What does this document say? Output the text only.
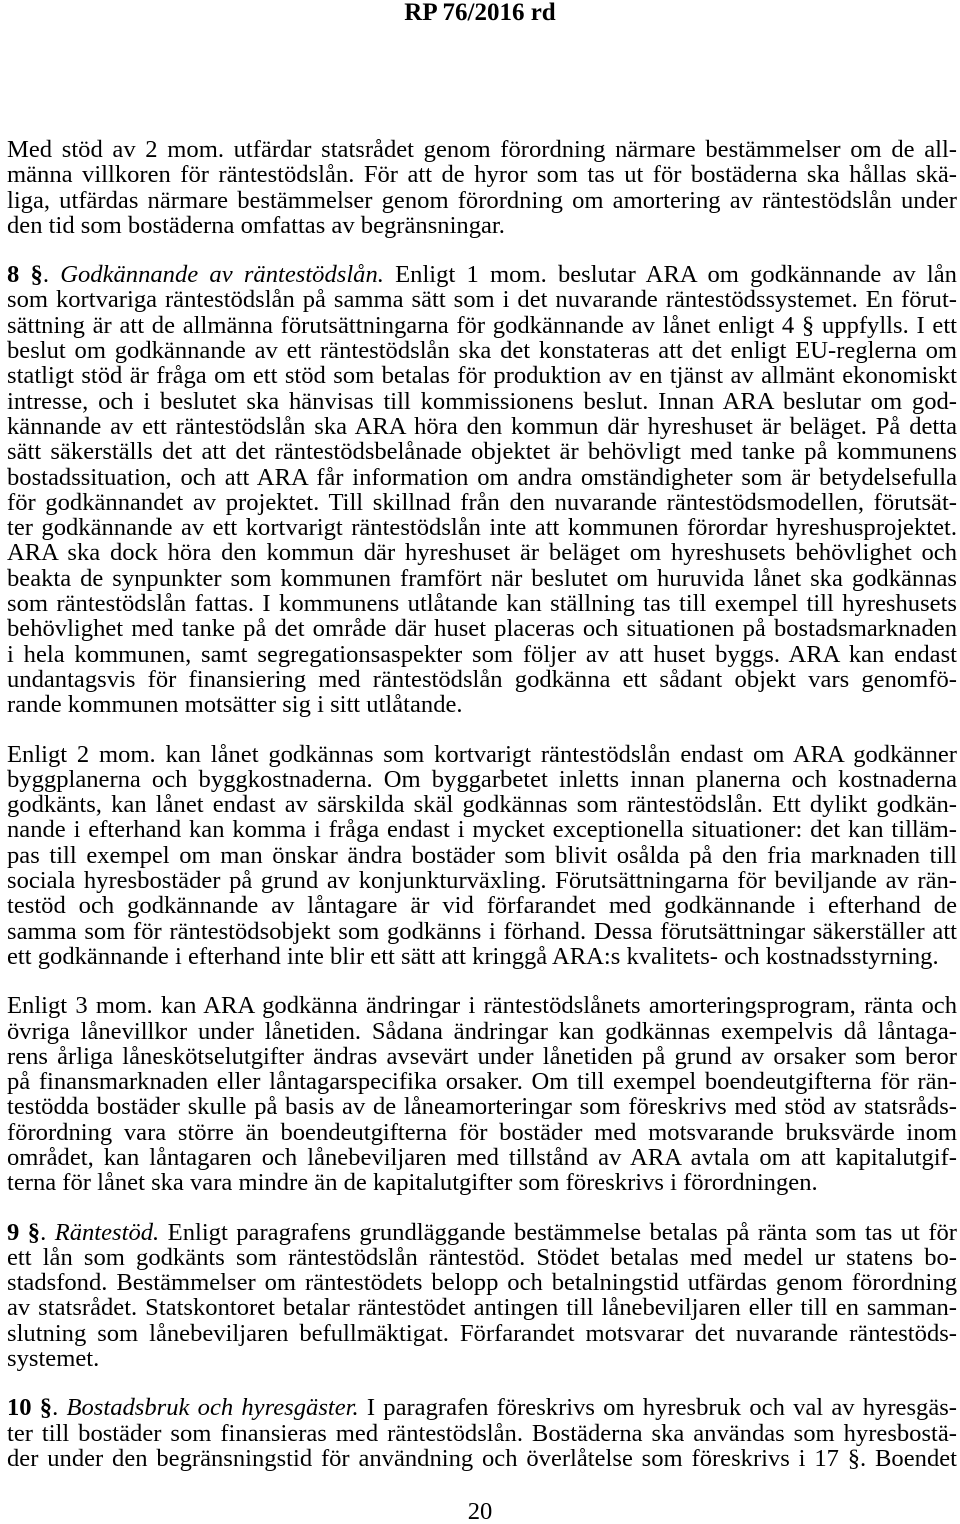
RP 76/2016 rd
Med stöd av 2 mom. utfärdar statsrådet genom förordning närmare bestämmelser om de all-
männa villkoren för räntestödslån. För att de hyror som tas ut för bostäderna ska hållas skä-
liga, utfärdas närmare bestämmelser genom förordning om amortering av räntestödslån under
den tid som bostäderna omfattas av begränsningar.
8 §. Godkännande av räntestödslån. Enligt 1 mom. beslutar ARA om godkännande av lån
som kortvariga räntestödslån på samma sätt som i det nuvarande räntestödssystemet. En förut-
sättning är att de allmänna förutsättningarna för godkännande av lånet enligt 4 § uppfylls. I ett
beslut om godkännande av ett räntestödslån ska det konstateras att det enligt EU-reglerna om
statligt stöd är fråga om ett stöd som betalas för produktion av en tjänst av allmänt ekonomiskt
intresse, och i beslutet ska hänvisas till kommissionens beslut. Innan ARA beslutar om god-
kännande av ett räntestödslån ska ARA höra den kommun där hyreshuset är beläget. På detta
sätt säkerställs det att det räntestödsbelånade objektet är behövligt med tanke på kommunens
bostadssituation, och att ARA får information om andra omständigheter som är betydelsefulla
för godkännandet av projektet. Till skillnad från den nuvarande räntestödsmodellen, förutsät-
ter godkännande av ett kortvarigt räntestödslån inte att kommunen förordar hyreshusprojektet.
ARA ska dock höra den kommun där hyreshuset är beläget om hyreshusets behövlighet och
beakta de synpunkter som kommunen framfört när beslutet om huruvida lånet ska godkännas
som räntestödslån fattas. I kommunens utlåtande kan ställning tas till exempel till hyreshusets
behövlighet med tanke på det område där huset placeras och situationen på bostadsmarknaden
i hela kommunen, samt segregationsaspekter som följer av att huset byggs. ARA kan endast
undantagsvis för finansiering med räntestödslån godkänna ett sådant objekt vars genomfö-
rande kommunen motsätter sig i sitt utlåtande.
Enligt 2 mom. kan lånet godkännas som kortvarigt räntestödslån endast om ARA godkänner
byggplanerna och byggkostnaderna. Om byggarbetet inletts innan planerna och kostnaderna
godkänts, kan lånet endast av särskilda skäl godkännas som räntestödslån. Ett dylikt godkän-
nande i efterhand kan komma i fråga endast i mycket exceptionella situationer: det kan tilläm-
pas till exempel om man önskar ändra bostäder som blivit osålda på den fria marknaden till
sociala hyresbostäder på grund av konjunkturväxling. Förutsättningarna för beviljande av rän-
testöd och godkännande av låntagare är vid förfarandet med godkännande i efterhand de
samma som för räntestödsobjekt som godkänns i förhand. Dessa förutsättningar säkerställer att
ett godkännande i efterhand inte blir ett sätt att kringgå ARA:s kvalitets- och kostnadsstyrning.
Enligt 3 mom. kan ARA godkänna ändringar i räntestödslånets amorteringsprogram, ränta och
övriga lånevillkor under lånetiden. Sådana ändringar kan godkännas exempelvis då låntaga-
rens årliga låneskötselutgifter ändras avsevärt under lånetiden på grund av orsaker som beror
på finansmarknaden eller låntagarspecifika orsaker. Om till exempel boendeutgifterna för rän-
testödda bostäder skulle på basis av de låneamorteringar som föreskrivs med stöd av statsråds-
förordning vara större än boendeutgifterna för bostäder med motsvarande bruksvärde inom
området, kan låntagaren och lånebeviljaren med tillstånd av ARA avtala om att kapitalutgif-
terna för lånet ska vara mindre än de kapitalutgifter som föreskrivs i förordningen.
9 §. Räntestöd. Enligt paragrafens grundläggande bestämmelse betalas på ränta som tas ut för
ett lån som godkänts som räntestödslån räntestöd. Stödet betalas med medel ur statens bo-
stadsfond. Bestämmelser om räntestödets belopp och betalningstid utfärdas genom förordning
av statsrådet. Statskontoret betalar räntestödet antingen till lånebeviljaren eller till en samman-
slutning som lånebeviljaren befullmäktigat. Förfarandet motsvarar det nuvarande räntestöds-
systemet.
10 §. Bostadsbruk och hyresgäster. I paragrafen föreskrivs om hyresbruk och val av hyresgäs-
ter till bostäder som finansieras med räntestödslån. Bostäderna ska användas som hyresbostä-
der under den begränsningstid för användning och överlåtelse som föreskrivs i 17 §. Boendet
20
